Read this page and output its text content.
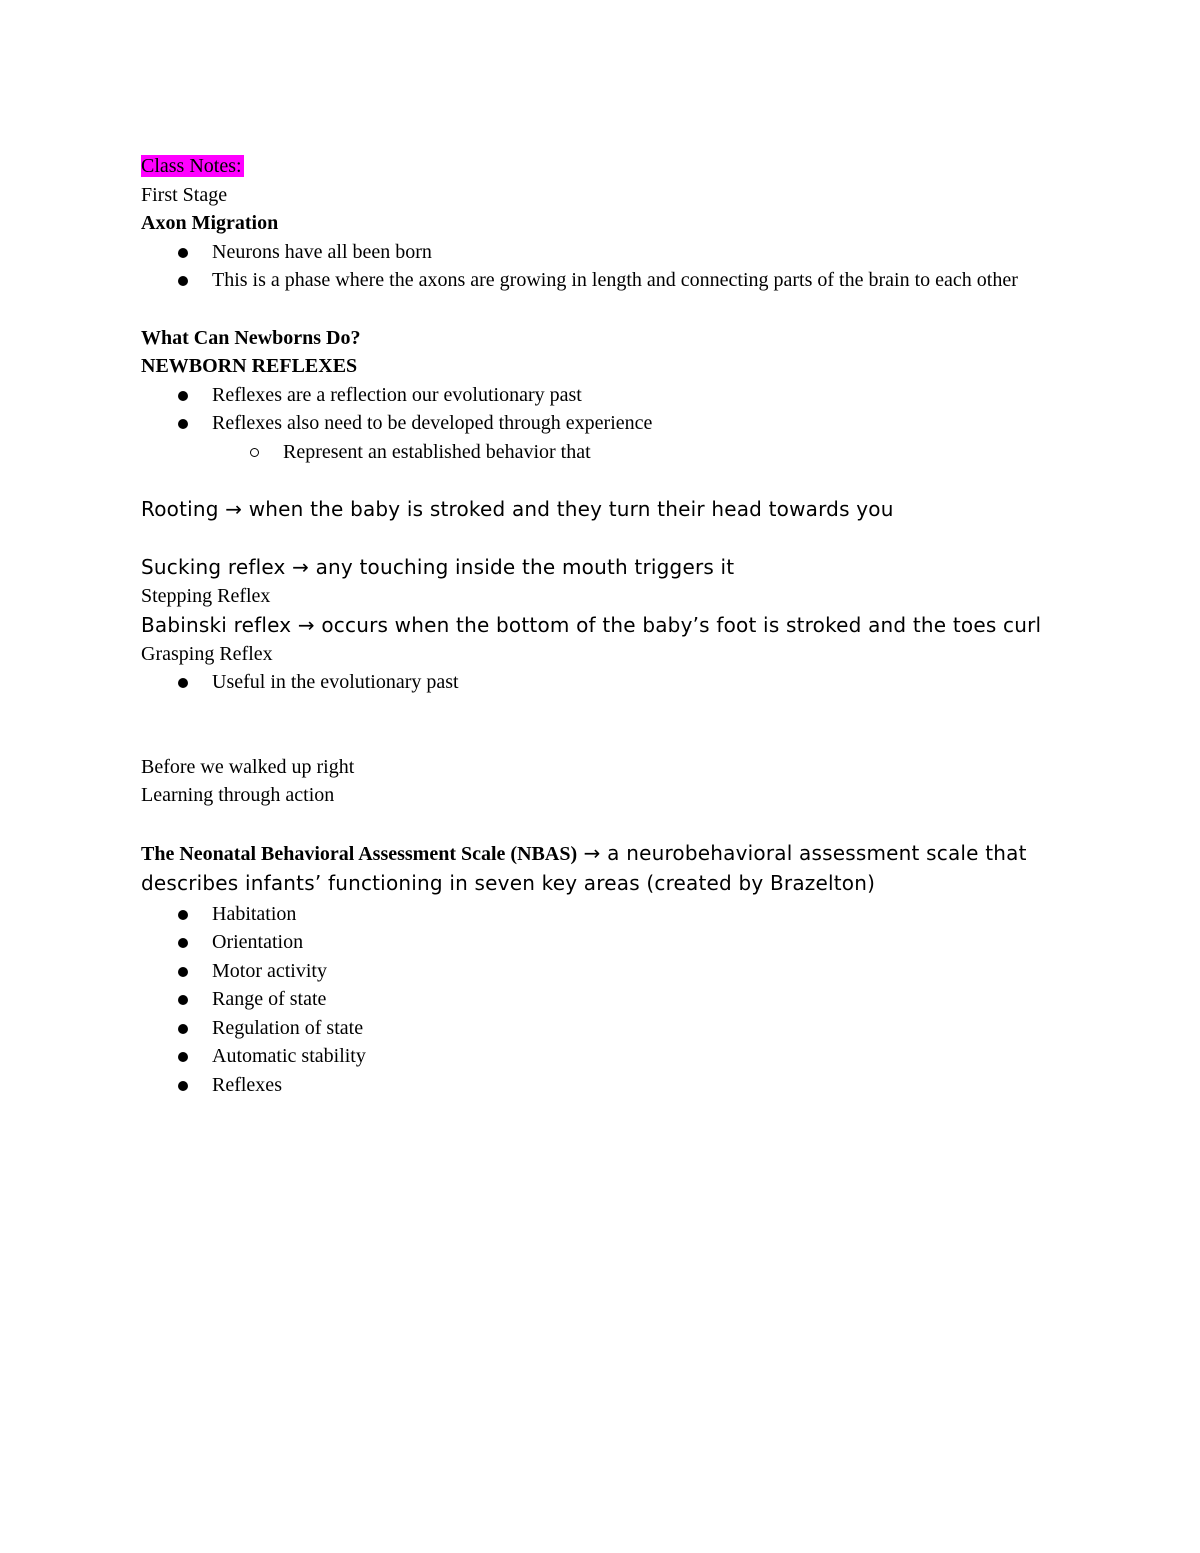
Class Notes:
First Stage
Axon Migration
Neurons have all been born
This is a phase where the axons are growing in length and connecting parts of the brain to each other
What Can Newborns Do?
NEWBORN REFLEXES
Reflexes are a reflection our evolutionary past
Reflexes also need to be developed through experience
Represent an established behavior that
Rooting → when the baby is stroked and they turn their head towards you
Sucking reflex → any touching inside the mouth triggers it
Stepping Reflex
Babinski reflex → occurs when the bottom of the baby’s foot is stroked and the toes curl
Grasping Reflex
Useful in the evolutionary past
Before we walked up right
Learning through action
The Neonatal Behavioral Assessment Scale (NBAS) → a neurobehavioral assessment scale that describes infants’ functioning in seven key areas (created by Brazelton)
Habitation
Orientation
Motor activity
Range of state
Regulation of state
Automatic stability
Reflexes
